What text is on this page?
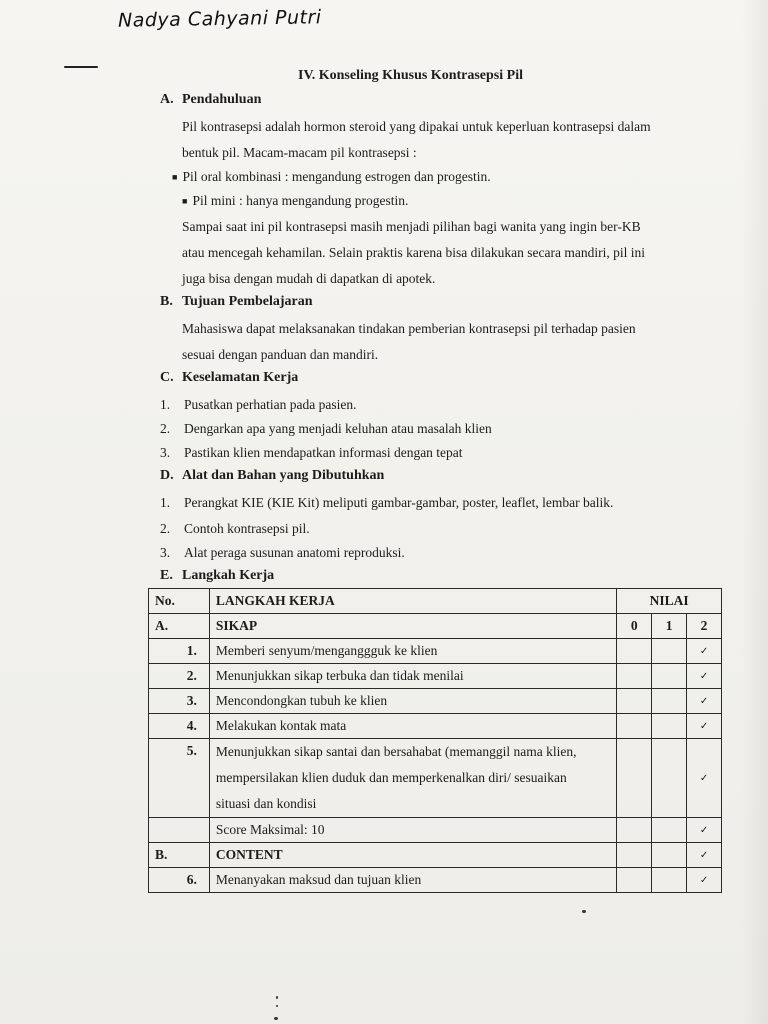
Nadya Cahyani Putri
IV. Konseling Khusus Kontrasepsi Pil
A. Pendahuluan
Pil kontrasepsi adalah hormon steroid yang dipakai untuk keperluan kontrasepsi dalam
bentuk pil. Macam-macam pil kontrasepsi :
■ Pil oral kombinasi : mengandung estrogen dan progestin.
■ Pil mini : hanya mengandung progestin.
Sampai saat ini pil kontrasepsi masih menjadi pilihan bagi wanita yang ingin ber-KB
atau mencegah kehamilan. Selain praktis karena bisa dilakukan secara mandiri, pil ini
juga bisa dengan mudah di dapatkan di apotek.
B. Tujuan Pembelajaran
Mahasiswa dapat melaksanakan tindakan pemberian kontrasepsi pil terhadap pasien
sesuai dengan panduan dan mandiri.
C. Keselamatan Kerja
1. Pusatkan perhatian pada pasien.
2. Dengarkan apa yang menjadi keluhan atau masalah klien
3. Pastikan klien mendapatkan informasi dengan tepat
D. Alat dan Bahan yang Dibutuhkan
1. Perangkat KIE (KIE Kit) meliputi gambar-gambar, poster, leaflet, lembar balik.
2. Contoh kontrasepsi pil.
3. Alat peraga susunan anatomi reproduksi.
E. Langkah Kerja
No.	LANGKAH KERJA	NILAI		
A.	SIKAP	0	1	2
1.	Memberi senyum/menganggguk ke klien			✓
2.	Menunjukkan sikap terbuka dan tidak menilai			✓
3.	Mencondongkan tubuh ke klien			✓
4.	Melakukan kontak mata			✓
5.	Menunjukkan sikap santai dan bersahabat (memanggil nama klien,
mempersilakan klien duduk dan memperkenalkan diri/ sesuaikan
situasi dan kondisi			✓
	Score Maksimal: 10			✓
B.	CONTENT			✓
6.	Menanyakan maksud dan tujuan klien			✓
